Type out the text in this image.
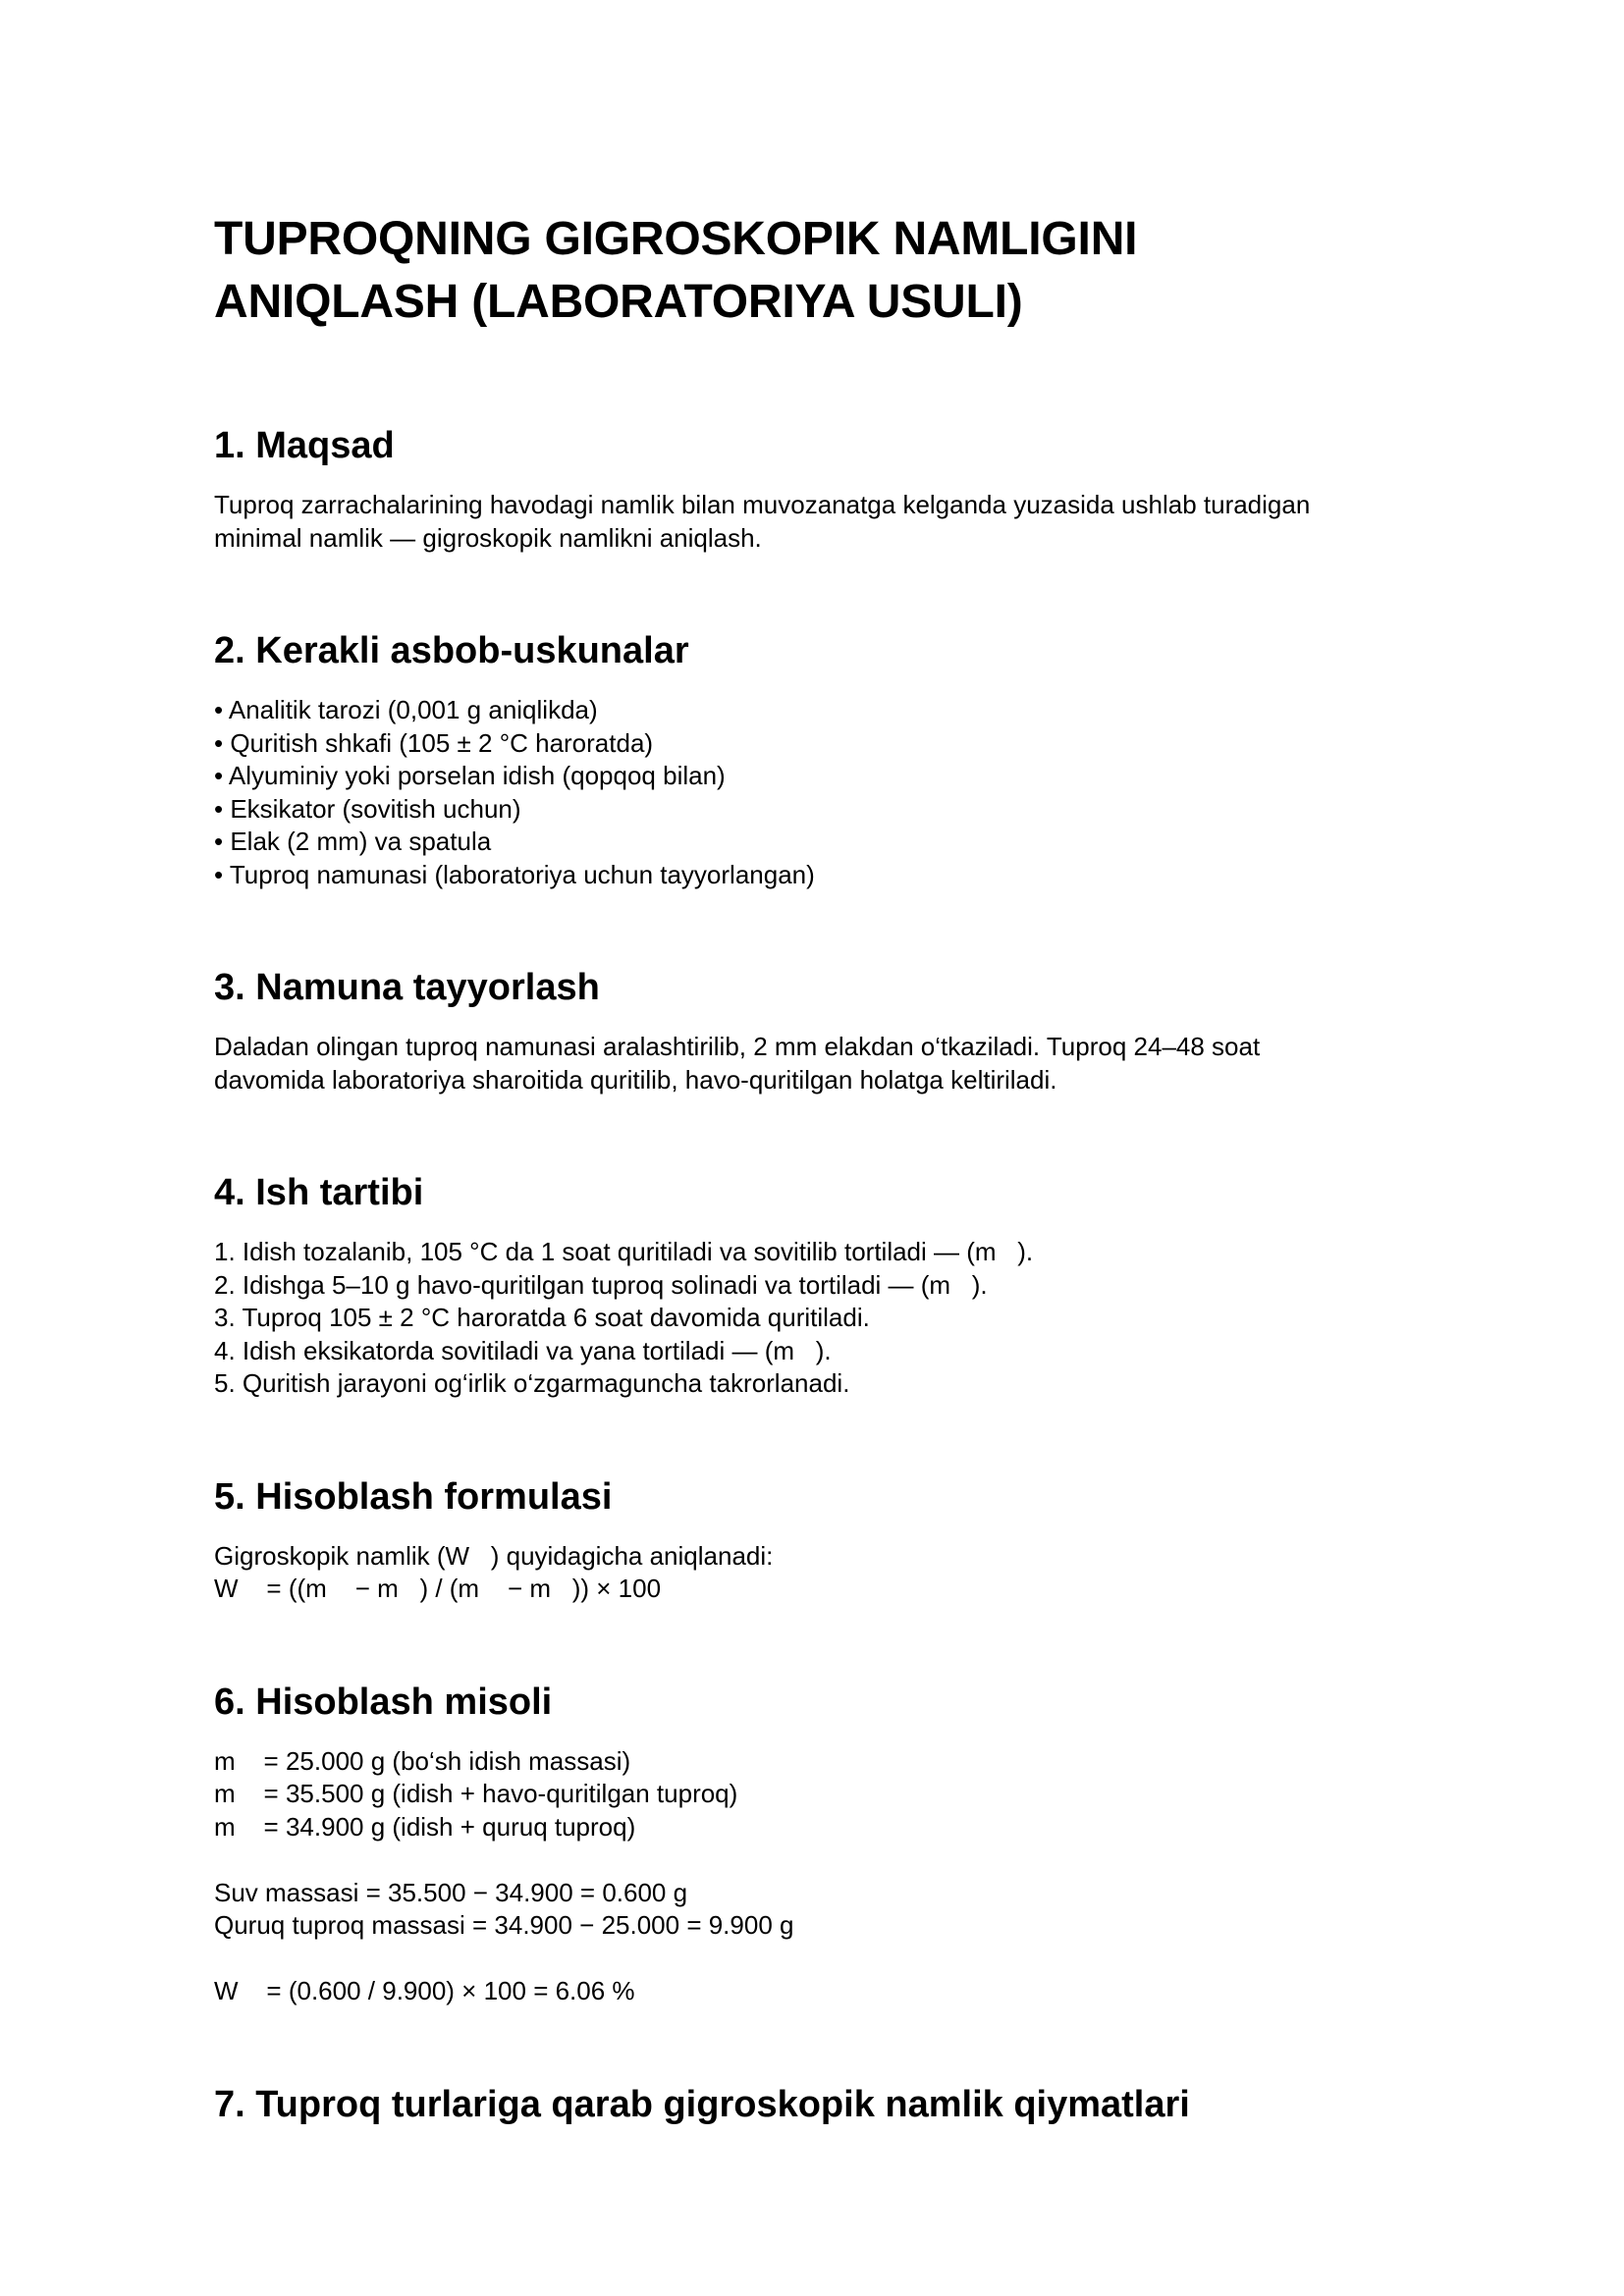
TUPROQNING GIGROSKOPIK NAMLIGINI
ANIQLASH (LABORATORIYA USULI)
1. Maqsad

Tuproq zarrachalarining havodagi namlik bilan muvozanatga kelganda yuzasida ushlab turadigan
minimal namlik — gigroskopik namlikni aniqlash.

2. Kerakli asbob-uskunalar
• Analitik tarozi (0,001 g aniqlikda)
• Quritish shkafi (105 ± 2 °C haroratda)
• Alyuminiy yoki porselan idish (qopqoq bilan)
• Eksikator (sovitish uchun)
• Elak (2 mm) va spatula
• Tuproq namunasi (laboratoriya uchun tayyorlangan)
3. Namuna tayyorlash

Daladan olingan tuproq namunasi aralashtirilib, 2 mm elakdan o‘tkaziladi. Tuproq 24–48 soat
davomida laboratoriya sharoitida quritilib, havo-quritilgan holatga keltiriladi.

4. Ish tartibi
1. Idish tozalanib, 105 °C da 1 soat quritiladi va sovitilib tortiladi — (m   ).
2. Idishga 5–10 g havo-quritilgan tuproq solinadi va tortiladi — (m   ).
3. Tuproq 105 ± 2 °C haroratda 6 soat davomida quritiladi.
4. Idish eksikatorda sovitiladi va yana tortiladi — (m   ).
5. Quritish jarayoni og‘irlik o‘zgarmaguncha takrorlanadi.
5. Hisoblash formulasi

Gigroskopik namlik (W   ) quyidagicha aniqlanadi:
W    = ((m    − m   ) / (m    − m   )) × 100

6. Hisoblash misoli
m    = 25.000 g (bo‘sh idish massasi)
m    = 35.500 g (idish + havo-quritilgan tuproq)
m    = 34.900 g (idish + quruq tuproq)
Suv massasi = 35.500 − 34.900 = 0.600 g
Quruq tuproq massasi = 34.900 − 25.000 = 9.900 g
W    = (0.600 / 9.900) × 100 = 6.06 %
7. Tuproq turlariga qarab gigroskopik namlik qiymatlari
